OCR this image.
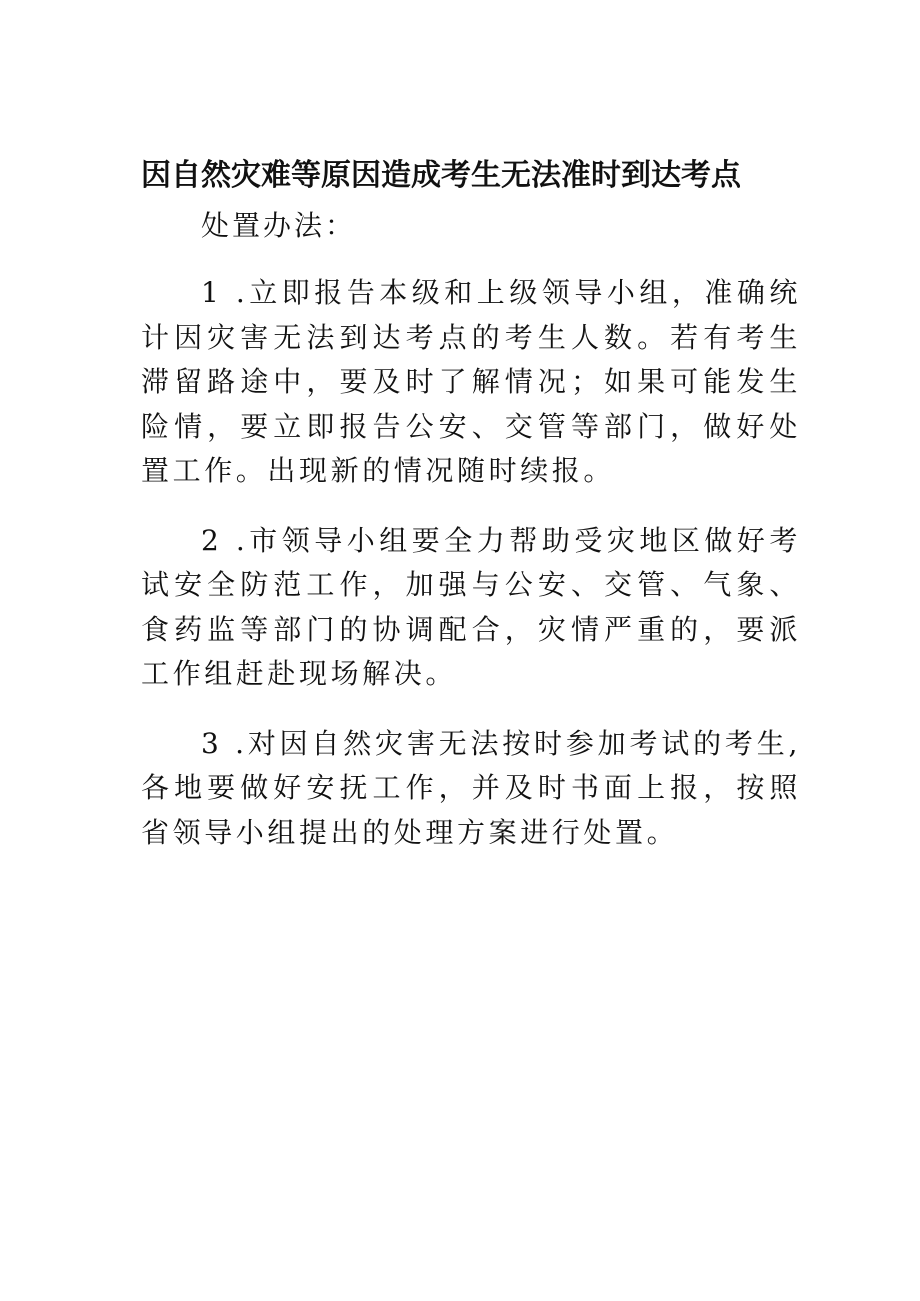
因自然灾难等原因造成考生无法准时到达考点

处置办法：

1 .立即报告本级和上级领导小组，准确统计因灾害无法到达考点的考生人数。若有考生滞留路途中，要及时了解情况；如果可能发生险情，要立即报告公安、交管等部门，做好处置工作。出现新的情况随时续报。

2 .市领导小组要全力帮助受灾地区做好考试安全防范工作，加强与公安、交管、气象、食药监等部门的协调配合，灾情严重的，要派工作组赶赴现场解决。

3 .对因自然灾害无法按时参加考试的考生,各地要做好安抚工作，并及时书面上报，按照省领导小组提出的处理方案进行处置。
